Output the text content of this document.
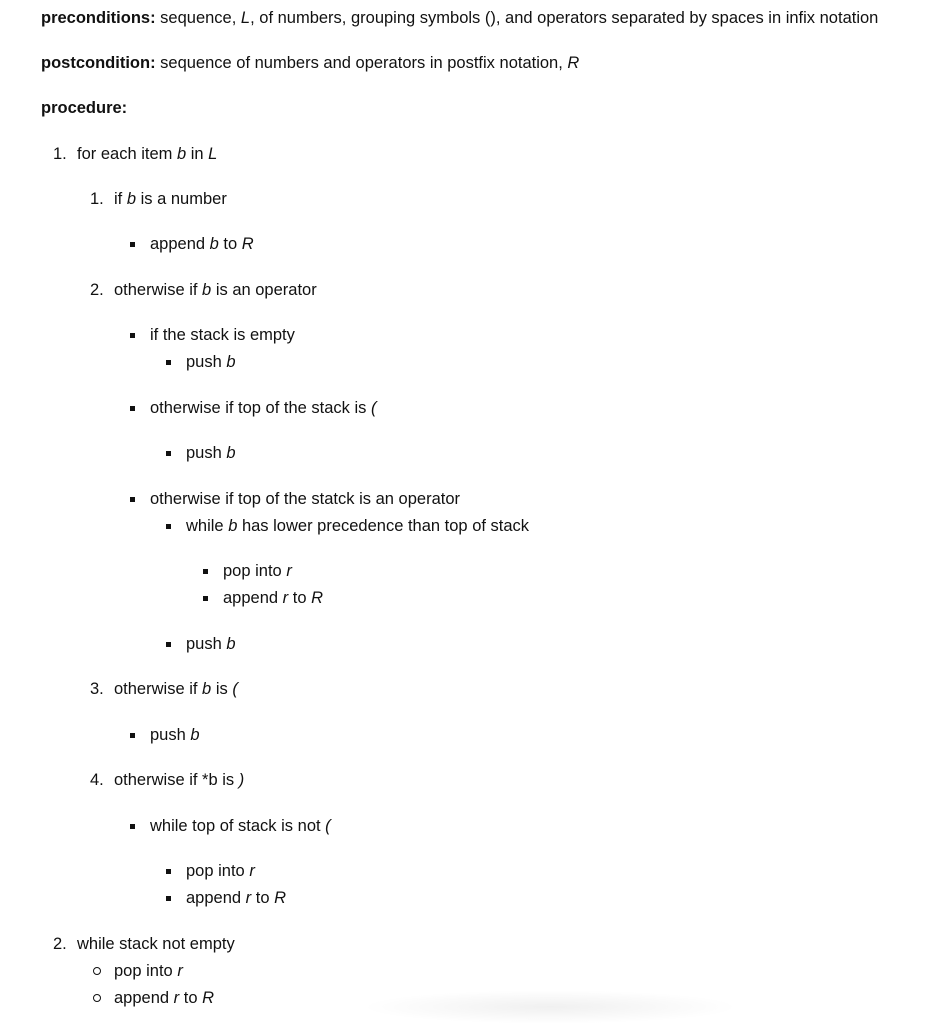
preconditions: sequence, L, of numbers, grouping symbols (), and operators separated by spaces in infix notation
postcondition: sequence of numbers and operators in postfix notation, R
procedure:
1. for each item b in L
1. if b is a number
append b to R
2. otherwise if b is an operator
if the stack is empty
push b
otherwise if top of the stack is (
push b
otherwise if top of the statck is an operator
while b has lower precedence than top of stack
pop into r
append r to R
push b
3. otherwise if b is (
push b
4. otherwise if *b is )
while top of stack is not (
pop into r
append r to R
2. while stack not empty
pop into r
append r to R
